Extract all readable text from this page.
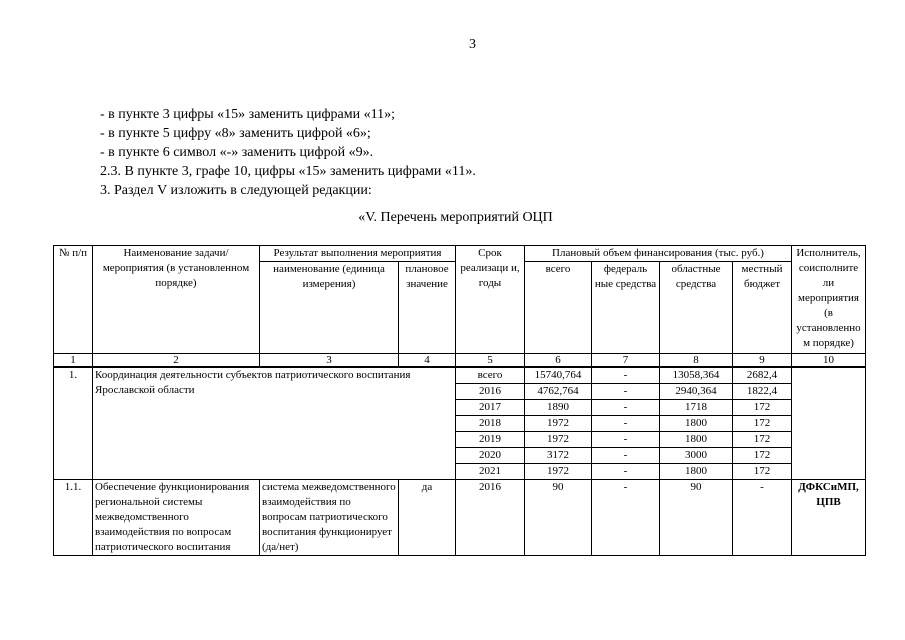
3
- в пункте 3 цифры «15» заменить цифрами «11»;
- в пункте 5 цифру «8» заменить цифрой «6»;
- в пункте 6 символ «-» заменить цифрой «9».
2.3. В пункте 3, графе 10, цифры «15» заменить цифрами «11».
3. Раздел V изложить в следующей редакции:
«V. Перечень мероприятий ОЦП
№ п/п	Наименование задачи/мероприятия (в установленном порядке)	Результат выполнения мероприятия		Срок реализаци и, годы	Плановый объем финансирования (тыс. руб.)				Исполнитель, соисполните ли мероприятия (в установленно м порядке)
		наименование (единица измерения)	плановое значение		всего	федераль ные средства	областные средства	местный бюджет	
1	2	3	4	5	6	7	8	9	10
1.	Координация деятельности субъектов патриотического воспитания Ярославской области			всего	15740,764	-	13058,364	2682,4	
				2016	4762,764	-	2940,364	1822,4	
				2017	1890	-	1718	172	
				2018	1972	-	1800	172	
				2019	1972	-	1800	172	
				2020	3172	-	3000	172	
				2021	1972	-	1800	172	
1.1.	Обеспечение функционирования региональной системы межведомственного взаимодействия по вопросам патриотического воспитания	система межведомственного взаимодействия по вопросам патриотического воспитания функционирует (да/нет)	да	2016	90	-	90	-	ДФКСиМП, ЦПВ
